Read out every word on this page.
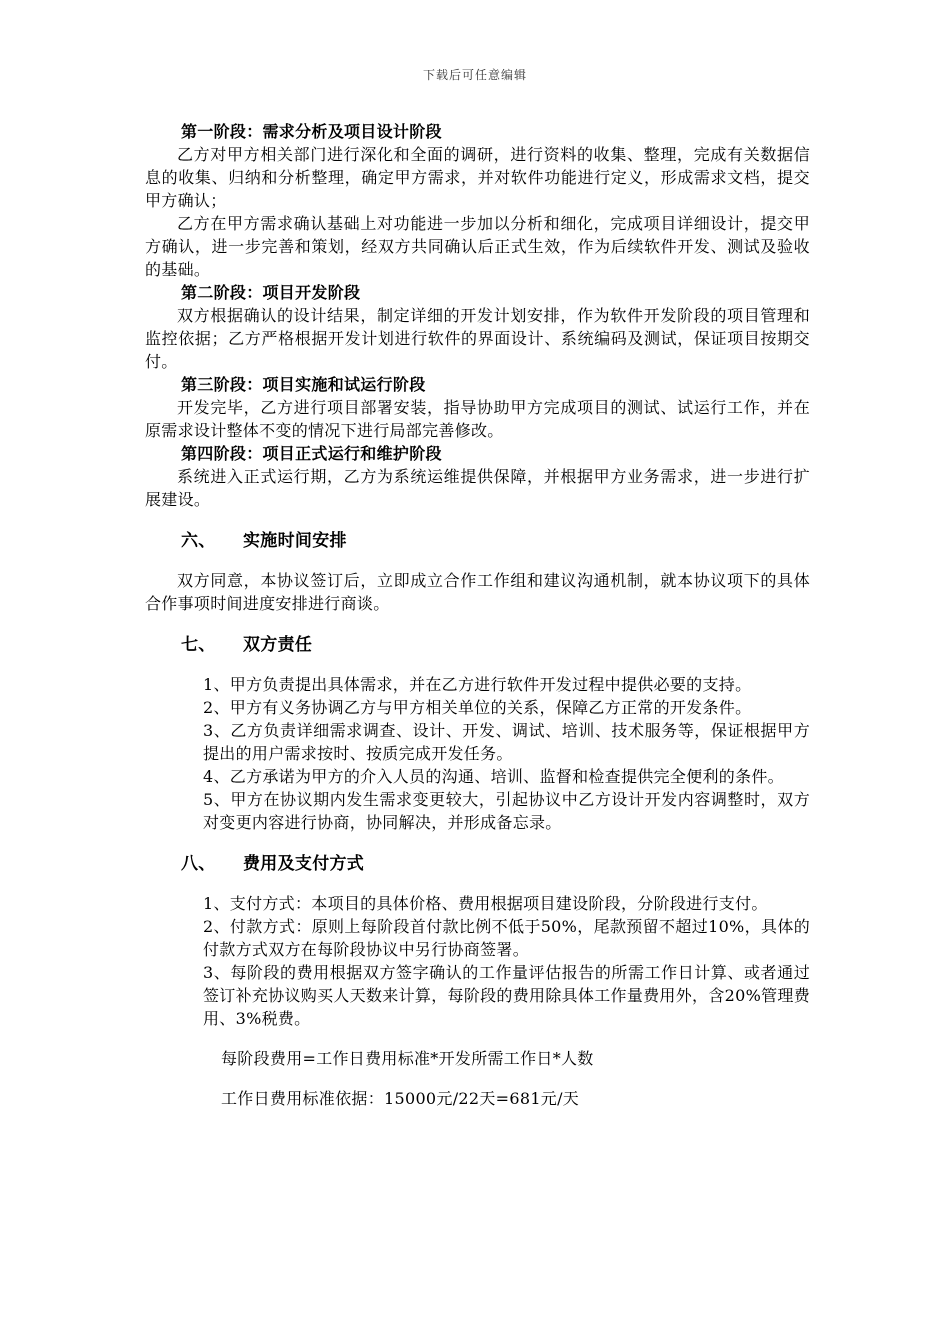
下载后可任意编辑

第一阶段：需求分析及项目设计阶段

乙方对甲方相关部门进行深化和全面的调研，进行资料的收集、整理，完成有关数据信息的收集、归纳和分析整理，确定甲方需求，并对软件功能进行定义，形成需求文档，提交甲方确认；

乙方在甲方需求确认基础上对功能进一步加以分析和细化，完成项目详细设计，提交甲方确认，进一步完善和策划，经双方共同确认后正式生效，作为后续软件开发、测试及验收的基础。

第二阶段：项目开发阶段

双方根据确认的设计结果，制定详细的开发计划安排，作为软件开发阶段的项目管理和监控依据；乙方严格根据开发计划进行软件的界面设计、系统编码及测试，保证项目按期交付。

第三阶段：项目实施和试运行阶段

开发完毕，乙方进行项目部署安装，指导协助甲方完成项目的测试、试运行工作，并在原需求设计整体不变的情况下进行局部完善修改。

第四阶段：项目正式运行和维护阶段

系统进入正式运行期，乙方为系统运维提供保障，并根据甲方业务需求，进一步进行扩展建设。

六、	实施时间安排

双方同意，本协议签订后，立即成立合作工作组和建议沟通机制，就本协议项下的具体合作事项时间进度安排进行商谈。

七、	双方责任

1、甲方负责提出具体需求，并在乙方进行软件开发过程中提供必要的支持。

2、甲方有义务协调乙方与甲方相关单位的关系，保障乙方正常的开发条件。

3、乙方负责详细需求调查、设计、开发、调试、培训、技术服务等，保证根据甲方提出的用户需求按时、按质完成开发任务。

4、乙方承诺为甲方的介入人员的沟通、培训、监督和检查提供完全便利的条件。

5、甲方在协议期内发生需求变更较大，引起协议中乙方设计开发内容调整时，双方对变更内容进行协商，协同解决，并形成备忘录。

八、	费用及支付方式

1、支付方式：本项目的具体价格、费用根据项目建设阶段，分阶段进行支付。

2、付款方式：原则上每阶段首付款比例不低于50%，尾款预留不超过10%，具体的付款方式双方在每阶段协议中另行协商签署。

3、每阶段的费用根据双方签字确认的工作量评估报告的所需工作日计算、或者通过签订补充协议购买人天数来计算，每阶段的费用除具体工作量费用外，含20%管理费用、3%税费。

每阶段费用=工作日费用标准*开发所需工作日*人数

工作日费用标准依据：15000元/22天=681元/天
